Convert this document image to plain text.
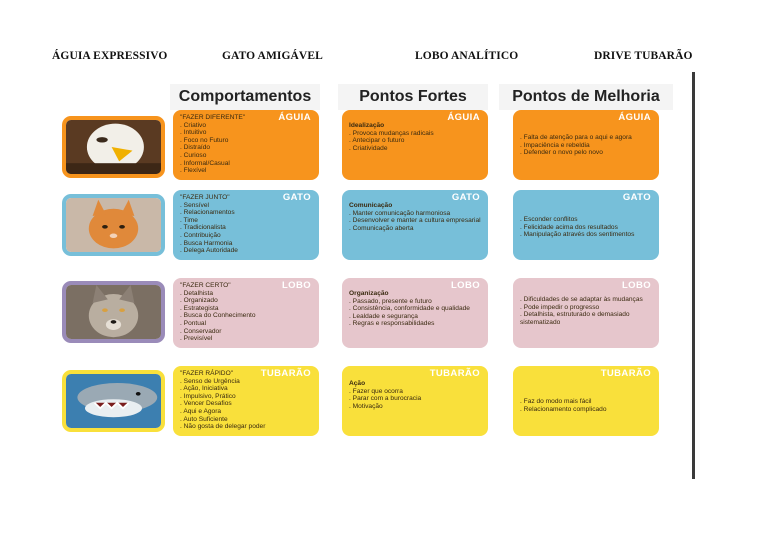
ÁGUIA EXPRESSIVO	GATO AMIGÁVEL	LOBO ANALÍTICO	DRIVE TUBARÃO
Comportamentos	Pontos Fortes	Pontos de Melhoria
ÁGUIA
"FAZER DIFERENTE"
. Criativo
. Intuitivo
. Foco no Futuro
. Distraído
. Curioso
. Informal/Casual
. Flexível
ÁGUIA
Idealização
. Provoca mudanças radicais
. Antecipar o futuro
. Criatividade
ÁGUIA
. Falta de atenção para o aqui e agora
. Impaciência e rebeldia
. Defender o novo pelo novo
GATO
"FAZER JUNTO"
. Sensível
. Relacionamentos
. Time
. Tradicionalista
. Contribuição
. Busca Harmonia
. Delega Autoridade
GATO
Comunicação
. Manter comunicação harmoniosa
. Desenvolver e manter a cultura empresarial
. Comunicação aberta
GATO
. Esconder conflitos
. Felicidade acima dos resultados
. Manipulação através dos sentimentos
LOBO
"FAZER CERTO"
. Detalhista
. Organizado
. Estrategista
. Busca do Conhecimento
. Pontual
. Conservador
. Previsível
LOBO
Organização
. Passado, presente e futuro
. Consistência, conformidade e qualidade
. Lealdade e segurança
. Regras e responsabilidades
LOBO
. Dificuldades de se adaptar às mudanças
. Pode impedir o progresso
. Detalhista, estruturado e demasiado sistematizado
TUBARÃO
"FAZER RÁPIDO"
. Senso de Urgência
. Ação, Iniciativa
. Impulsivo, Prático
. Vencer Desafios
. Aqui e Agora
. Auto Suficiente
. Não gosta de delegar poder
TUBARÃO
Ação
. Fazer que ocorra
. Parar com a burocracia
. Motivação
TUBARÃO
. Faz do modo mais fácil
. Relacionamento complicado
